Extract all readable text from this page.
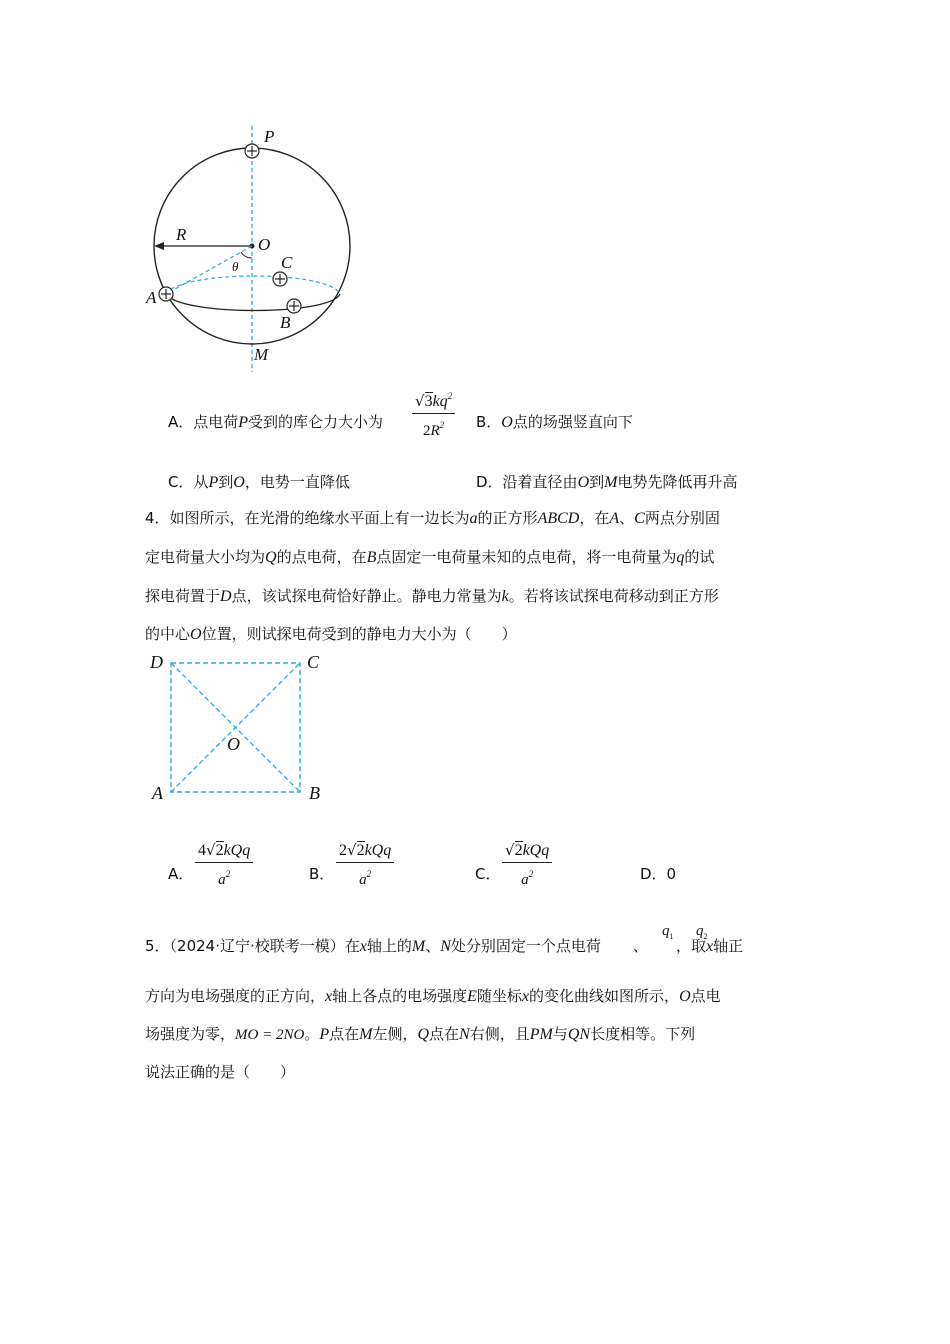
P
O
R
θ	C
A
B
M
A．点电荷P受到的库仑力大小为
$√3kq^2$
$2R^2$	B．O点的场强竖直向下
C．从P到O，电势一直降低	D．沿着直径由O到M电势先降低再升高
4．如图所示，在光滑的绝缘水平面上有一边长为a的正方形ABCD，在A、C两点分别固
定电荷量大小均为Q的点电荷，在B点固定一电荷量未知的点电荷，将一电荷量为q的试
探电荷置于D点，该试探电荷恰好静止。静电力常量为k。若将该试探电荷移动到正方形
的中心O位置，则试探电荷受到的静电力大小为（　　）
D	C
O
A	B
A．
4√2kQq
$a^2$	B．
2√2kQq
$a^2$	C．
√2kQq
$a^2$	D．0
5．（2024·辽宁·校联考一模）在x轴上的M、N处分别固定一个点电荷 、 ，取x轴正
$q_1$ $q_2$
方向为电场强度的正方向，x轴上各点的电场强度E随坐标x的变化曲线如图所示，O点电
场强度为零，MO = 2NO。P点在M左侧，Q点在N右侧，且PM与QN长度相等。下列
说法正确的是（　　）
